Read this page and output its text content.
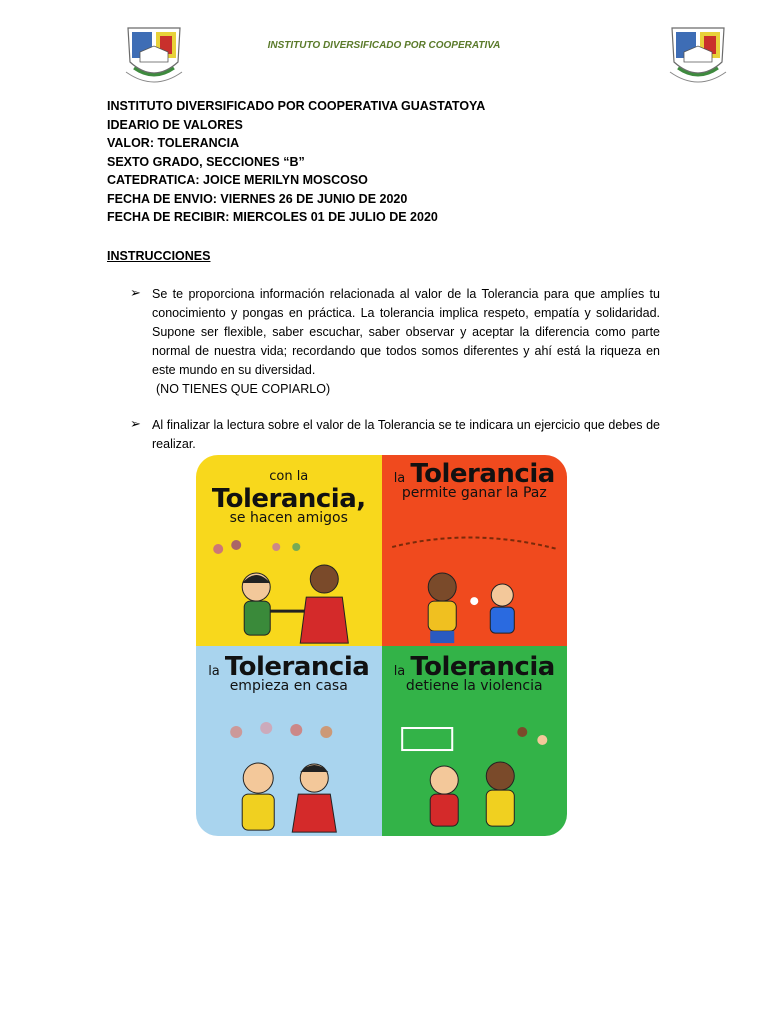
INSTITUTO DIVERSIFICADO POR COOPERATIVA
INSTITUTO DIVERSIFICADO POR COOPERATIVA GUASTATOYA
IDEARIO DE VALORES
VALOR: TOLERANCIA
SEXTO GRADO, SECCIONES “B”
CATEDRATICA: JOICE MERILYN MOSCOSO
FECHA DE ENVIO: VIERNES 26 DE JUNIO DE 2020
FECHA DE RECIBIR: MIERCOLES 01 DE JULIO DE 2020
INSTRUCCIONES
➢ Se te proporciona información relacionada al valor de la Tolerancia para que amplíes tu conocimiento y pongas en práctica. La tolerancia implica respeto, empatía y solidaridad. Supone ser flexible, saber escuchar, saber observar y aceptar la diferencia como parte normal de nuestra vida; recordando que todos somos diferentes y ahí está la riqueza en este mundo en su diversidad.
(NO TIENES QUE COPIARLO)
➢ Al finalizar la lectura sobre el valor de la Tolerancia se te indicara un ejercicio que debes de realizar.
con la Tolerancia,
se hacen amigos
la Tolerancia
permite ganar la Paz
la Tolerancia
empieza en casa
la Tolerancia
detiene la violencia
